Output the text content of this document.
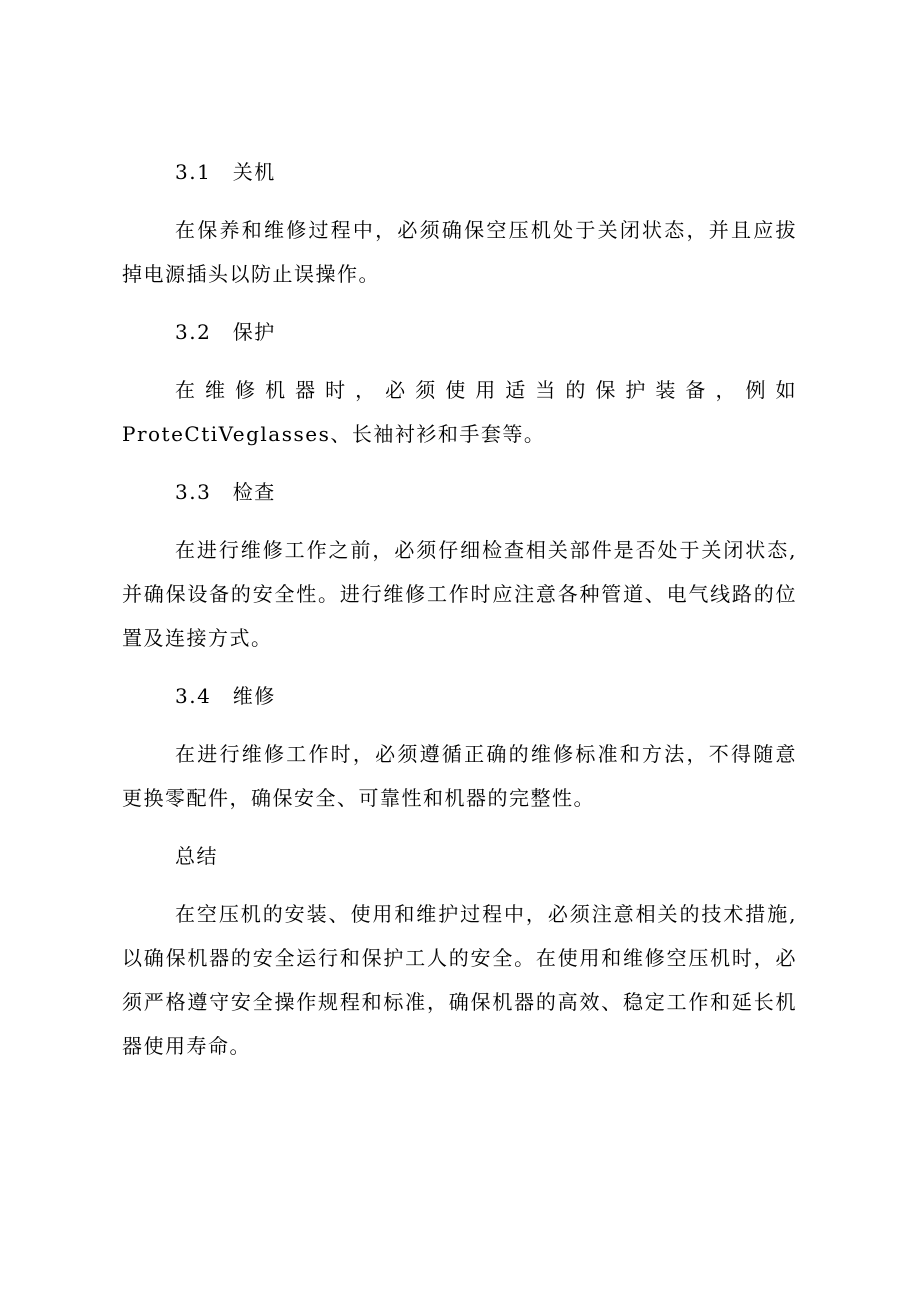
3.1　关机

在保养和维修过程中，必须确保空压机处于关闭状态，并且应拔掉电源插头以防止误操作。

3.2　保护

在维修机器时，必须使用适当的保护装备，例如 ProteCtiVeglasses、长袖衬衫和手套等。

3.3　检查

在进行维修工作之前，必须仔细检查相关部件是否处于关闭状态,并确保设备的安全性。进行维修工作时应注意各种管道、电气线路的位置及连接方式。

3.4　维修

在进行维修工作时，必须遵循正确的维修标准和方法，不得随意更换零配件，确保安全、可靠性和机器的完整性。

总结

在空压机的安装、使用和维护过程中，必须注意相关的技术措施,以确保机器的安全运行和保护工人的安全。在使用和维修空压机时，必须严格遵守安全操作规程和标准，确保机器的高效、稳定工作和延长机器使用寿命。
